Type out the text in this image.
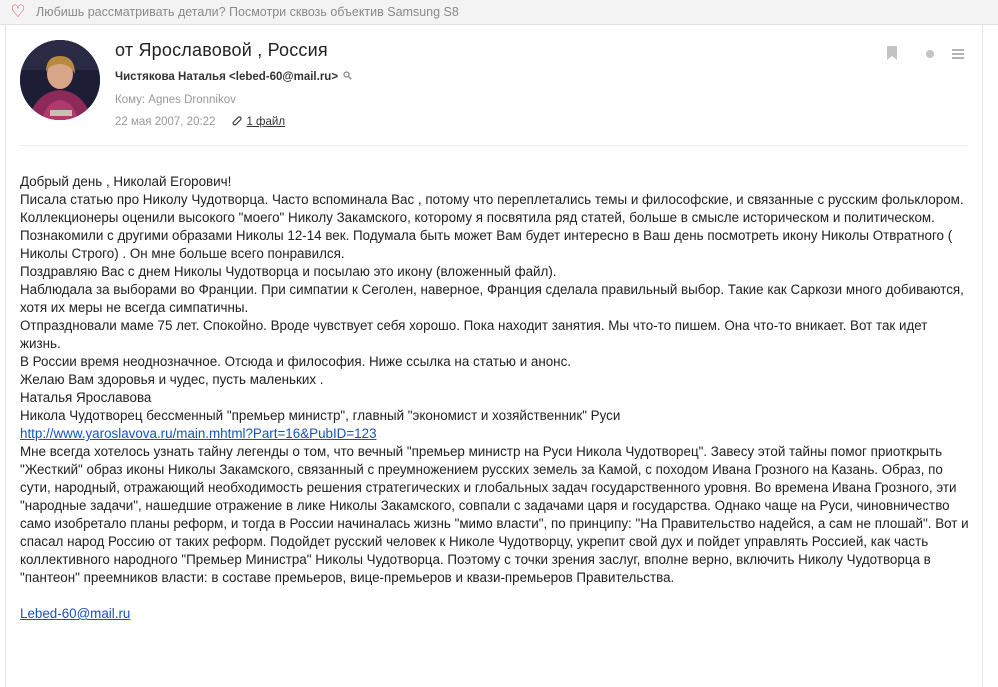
♡ Любишь рассматривать детали? Посмотри сквозь объектив Samsung S8
от Ярославовой , Россия
Чистякова Наталья <lebed-60@mail.ru>
Кому: Agnes Dronnikov
22 мая 2007, 20:22	1 файл

Добрый день , Николай Егорович!

Писала статью про Николу Чудотворца. Часто вспоминала Вас , потому что переплетались темы и философские, и связанные с русским фольклором. Коллекционеры оценили высокого "моего" Николу Закамского, которому я посвятила ряд статей, больше в смысле историческом и политическом. Познакомили с другими образами Николы 12-14 век. Подумала быть может Вам будет интересно в Ваш день посмотреть икону Николы Отвратного ( Николы Строго) . Он мне больше всего понравился.

Поздравляю Вас с днем Николы Чудотворца и посылаю это икону (вложенный файл).

Наблюдала за выборами во Франции. При симпатии к Сеголен, наверное, Франция сделала правильный выбор. Такие как Саркози много добиваются, хотя их меры не всегда симпатичны.

Отпраздновали маме 75 лет. Спокойно. Вроде чувствует себя хорошо. Пока находит занятия. Мы что-то пишем. Она что-то вникает. Вот так идет жизнь.

В России время неоднозначное. Отсюда и философия. Ниже ссылка на статью и анонс.

Желаю Вам здоровья и чудес, пусть маленьких .

Наталья Ярославова

Никола Чудотворец бессменный "премьер министр", главный "экономист и хозяйственник" Руси

http://www.yaroslavova.ru/main.mhtml?Part=16&PubID=123

Мне всегда хотелось узнать тайну легенды о том, что вечный "премьер министр на Руси Никола Чудотворец". Завесу этой тайны помог приоткрыть "Жесткий" образ иконы Николы Закамского, связанный с преумножением русских земель за Камой, с походом Ивана Грозного на Казань. Образ, по сути, народный, отражающий необходимость решения стратегических и глобальных задач государственного уровня. Во времена Ивана Грозного, эти "народные задачи", нашедшие отражение в лике Николы Закамского, совпали с задачами царя и государства. Однако чаще на Руси, чиновничество само изобретало планы реформ, и тогда в России начиналась жизнь "мимо власти", по принципу: "На Правительство надейся, а сам не плошай". Вот и спасал народ Россию от таких реформ. Подойдет русский человек к Николе Чудотворцу, укрепит свой дух и пойдет управлять Россией, как часть коллективного народного "Премьер Министра" Николы Чудотворца. Поэтому с точки зрения заслуг, вполне верно, включить Николу Чудотворца в "пантеон" преемников власти: в составе премьеров, вице-премьеров и квази-премьеров Правительства.

Lebed-60@mail.ru
